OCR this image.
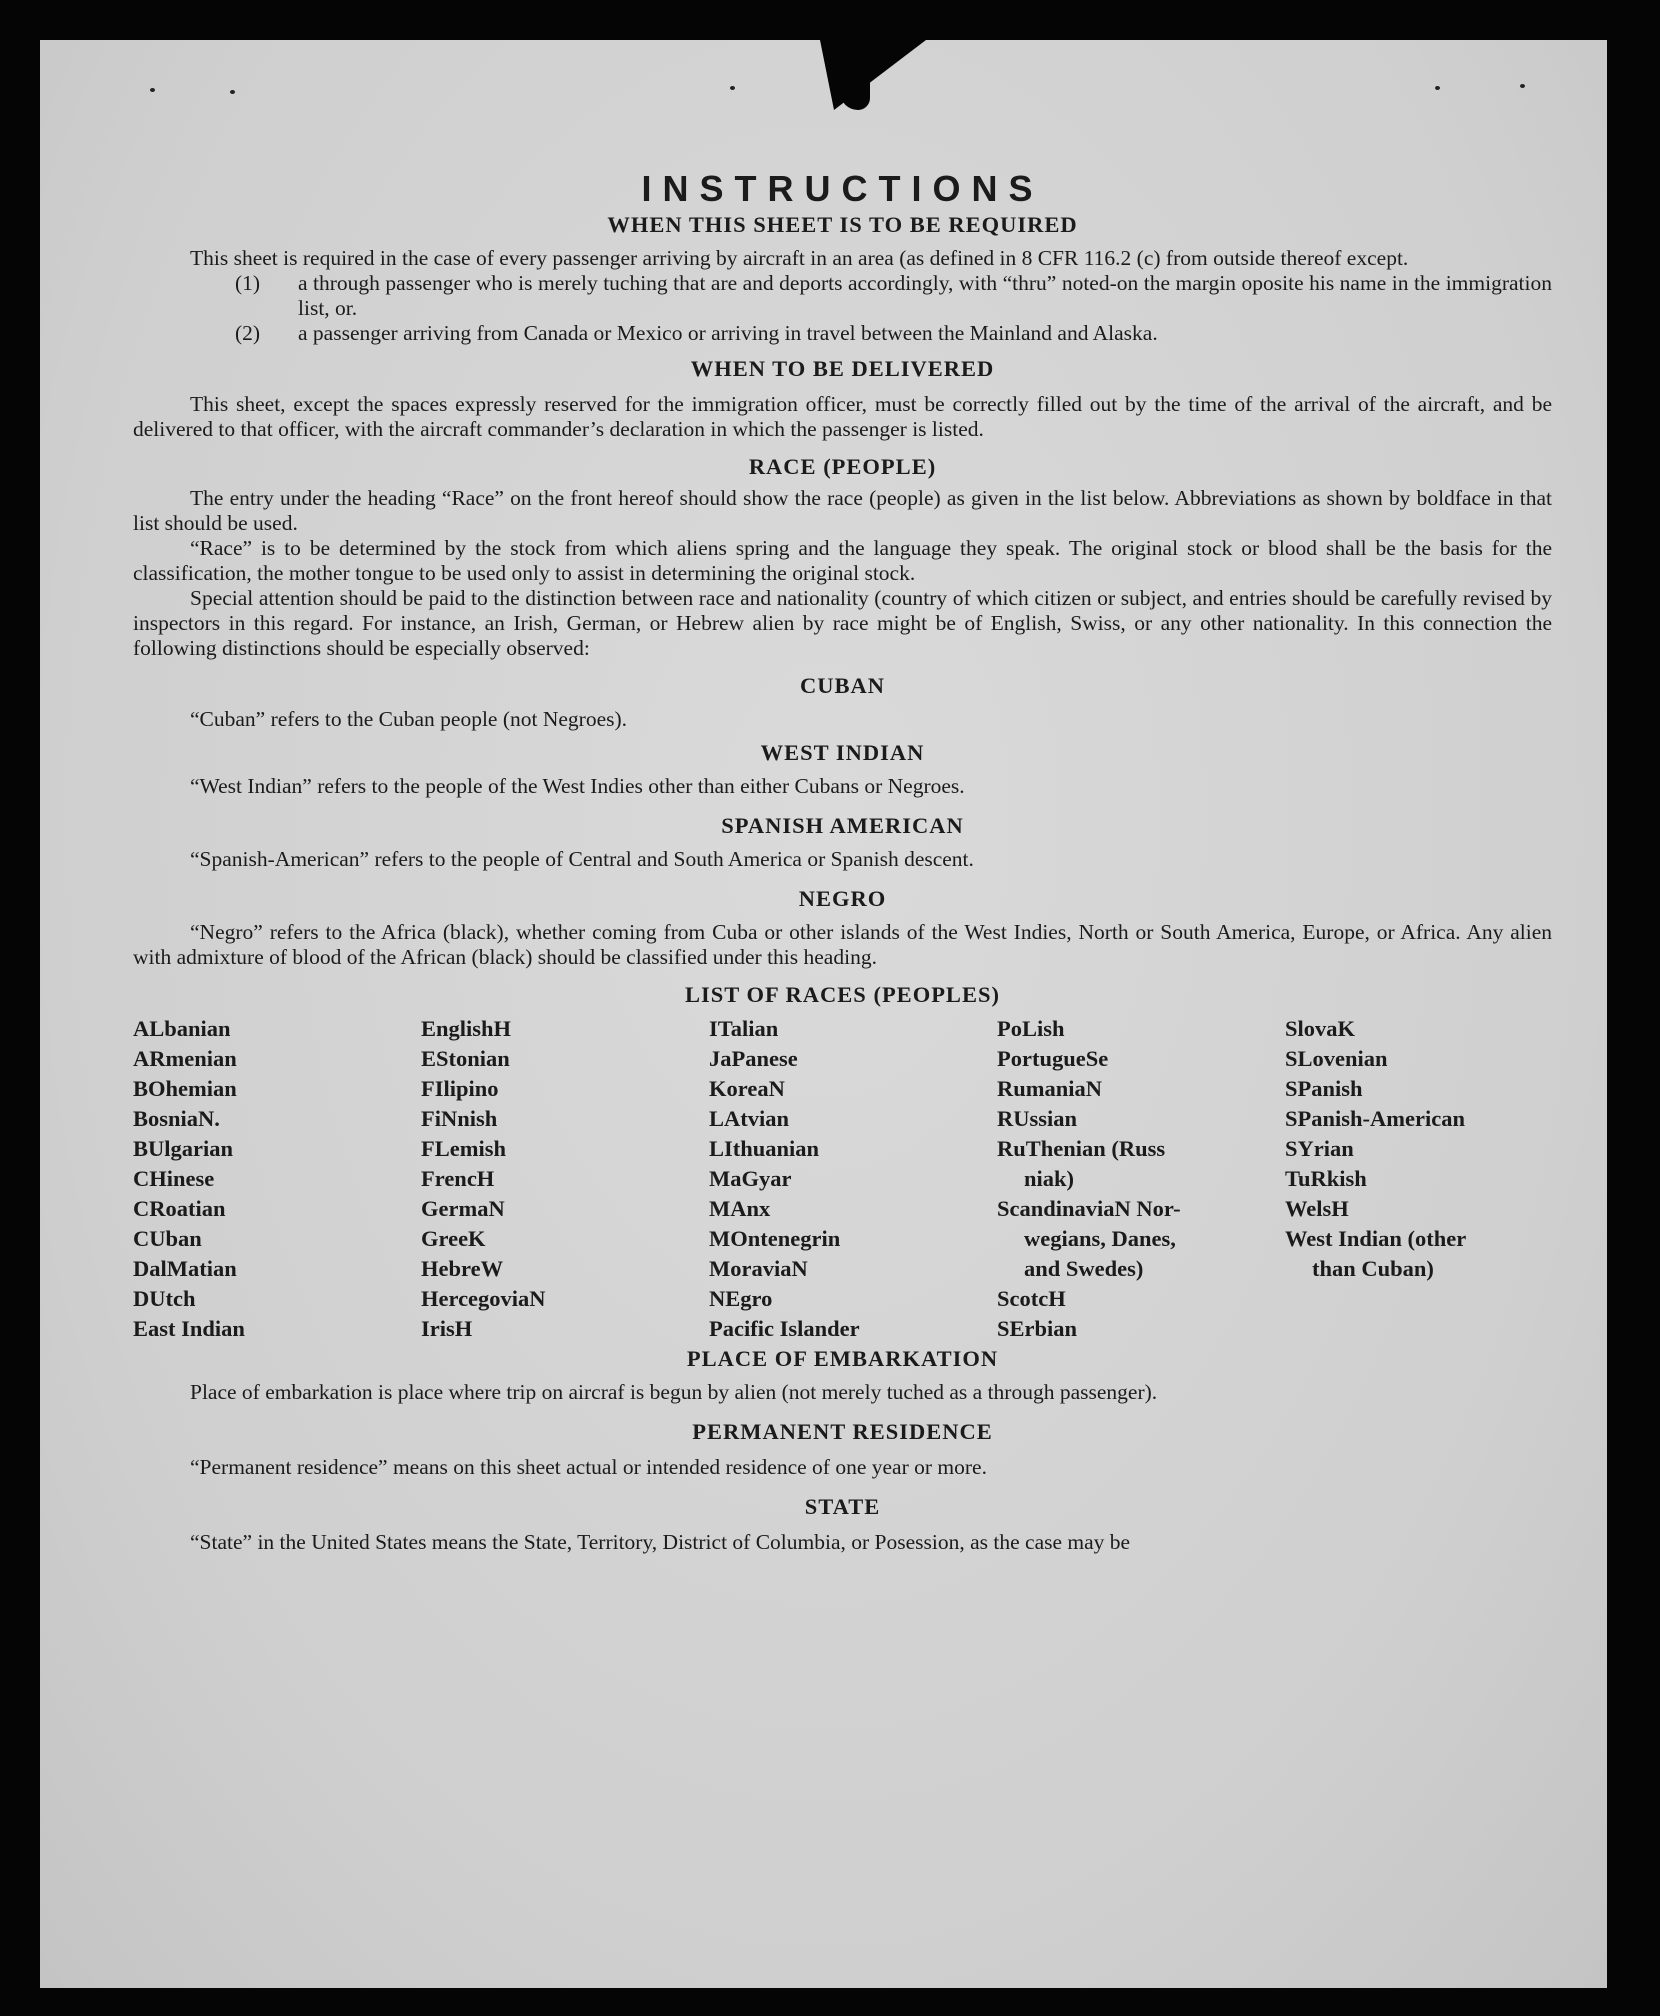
INSTRUCTIONS
WHEN THIS SHEET IS TO BE REQUIRED

This sheet is required in the case of every passenger arriving by aircraft in an area (as defined in 8 CFR 116.2 (c) from outside thereof except.

(1)	a through passenger who is merely tuching that are and deports accordingly, with “thru” noted-on the margin oposite his name in the immigration list, or.
(2)	a passenger arriving from Canada or Mexico or arriving in travel between the Mainland and Alaska.
WHEN TO BE DELIVERED

This sheet, except the spaces expressly reserved for the immigration officer, must be correctly filled out by the time of the arrival of the aircraft, and be delivered to that officer, with the aircraft commander’s declaration in which the passenger is listed.

RACE (PEOPLE)

The entry under the heading “Race” on the front hereof should show the race (people) as given in the list below. Abbreviations as shown by boldface in that list should be used.

“Race” is to be determined by the stock from which aliens spring and the language they speak. The original stock or blood shall be the basis for the classification, the mother tongue to be used only to assist in determining the original stock.

Special attention should be paid to the distinction between race and nationality (country of which citizen or subject, and entries should be carefully revised by inspectors in this regard. For instance, an Irish, German, or Hebrew alien by race might be of English, Swiss, or any other nationality. In this connection the following distinctions should be especially observed:

CUBAN

“Cuban” refers to the Cuban people (not Negroes).

WEST INDIAN

“West Indian” refers to the people of the West Indies other than either Cubans or Negroes.

SPANISH AMERICAN

“Spanish-American” refers to the people of Central and South America or Spanish descent.

NEGRO

“Negro” refers to the Africa (black), whether coming from Cuba or other islands of the West Indies, North or South America, Europe, or Africa. Any alien with admixture of blood of the African (black) should be classified under this heading.

LIST OF RACES (PEOPLES)
ALbanian
ARmenian
BOhemian
BosniaN.
BUlgarian
CHinese
CRoatian
CUban
DalMatian
DUtch
East Indian
EnglishH
EStonian
FIlipino
FiNnish
FLemish
FrencH
GermaN
GreeK
HebreW
HercegoviaN
IrisH
ITalian
JaPanese
KoreaN
LAtvian
LIthuanian
MaGyar
MAnx
MOntenegrin
MoraviaN
NEgro
Pacific Islander
PoLish
PortugueSe
RumaniaN
RUssian
RuThenian (Russ
niak)
ScandinaviaN Nor-
wegians, Danes,
and Swedes)
ScotcH
SErbian
SlovaK
SLovenian
SPanish
SPanish-American
SYrian
TuRkish
WelsH
West Indian (other
than Cuban)
PLACE OF EMBARKATION

Place of embarkation is place where trip on aircraf is begun by alien (not merely tuched as a through passenger).

PERMANENT RESIDENCE

“Permanent residence” means on this sheet actual or intended residence of one year or more.

STATE

“State” in the United States means the State, Territory, District of Columbia, or Posession, as the case may be
